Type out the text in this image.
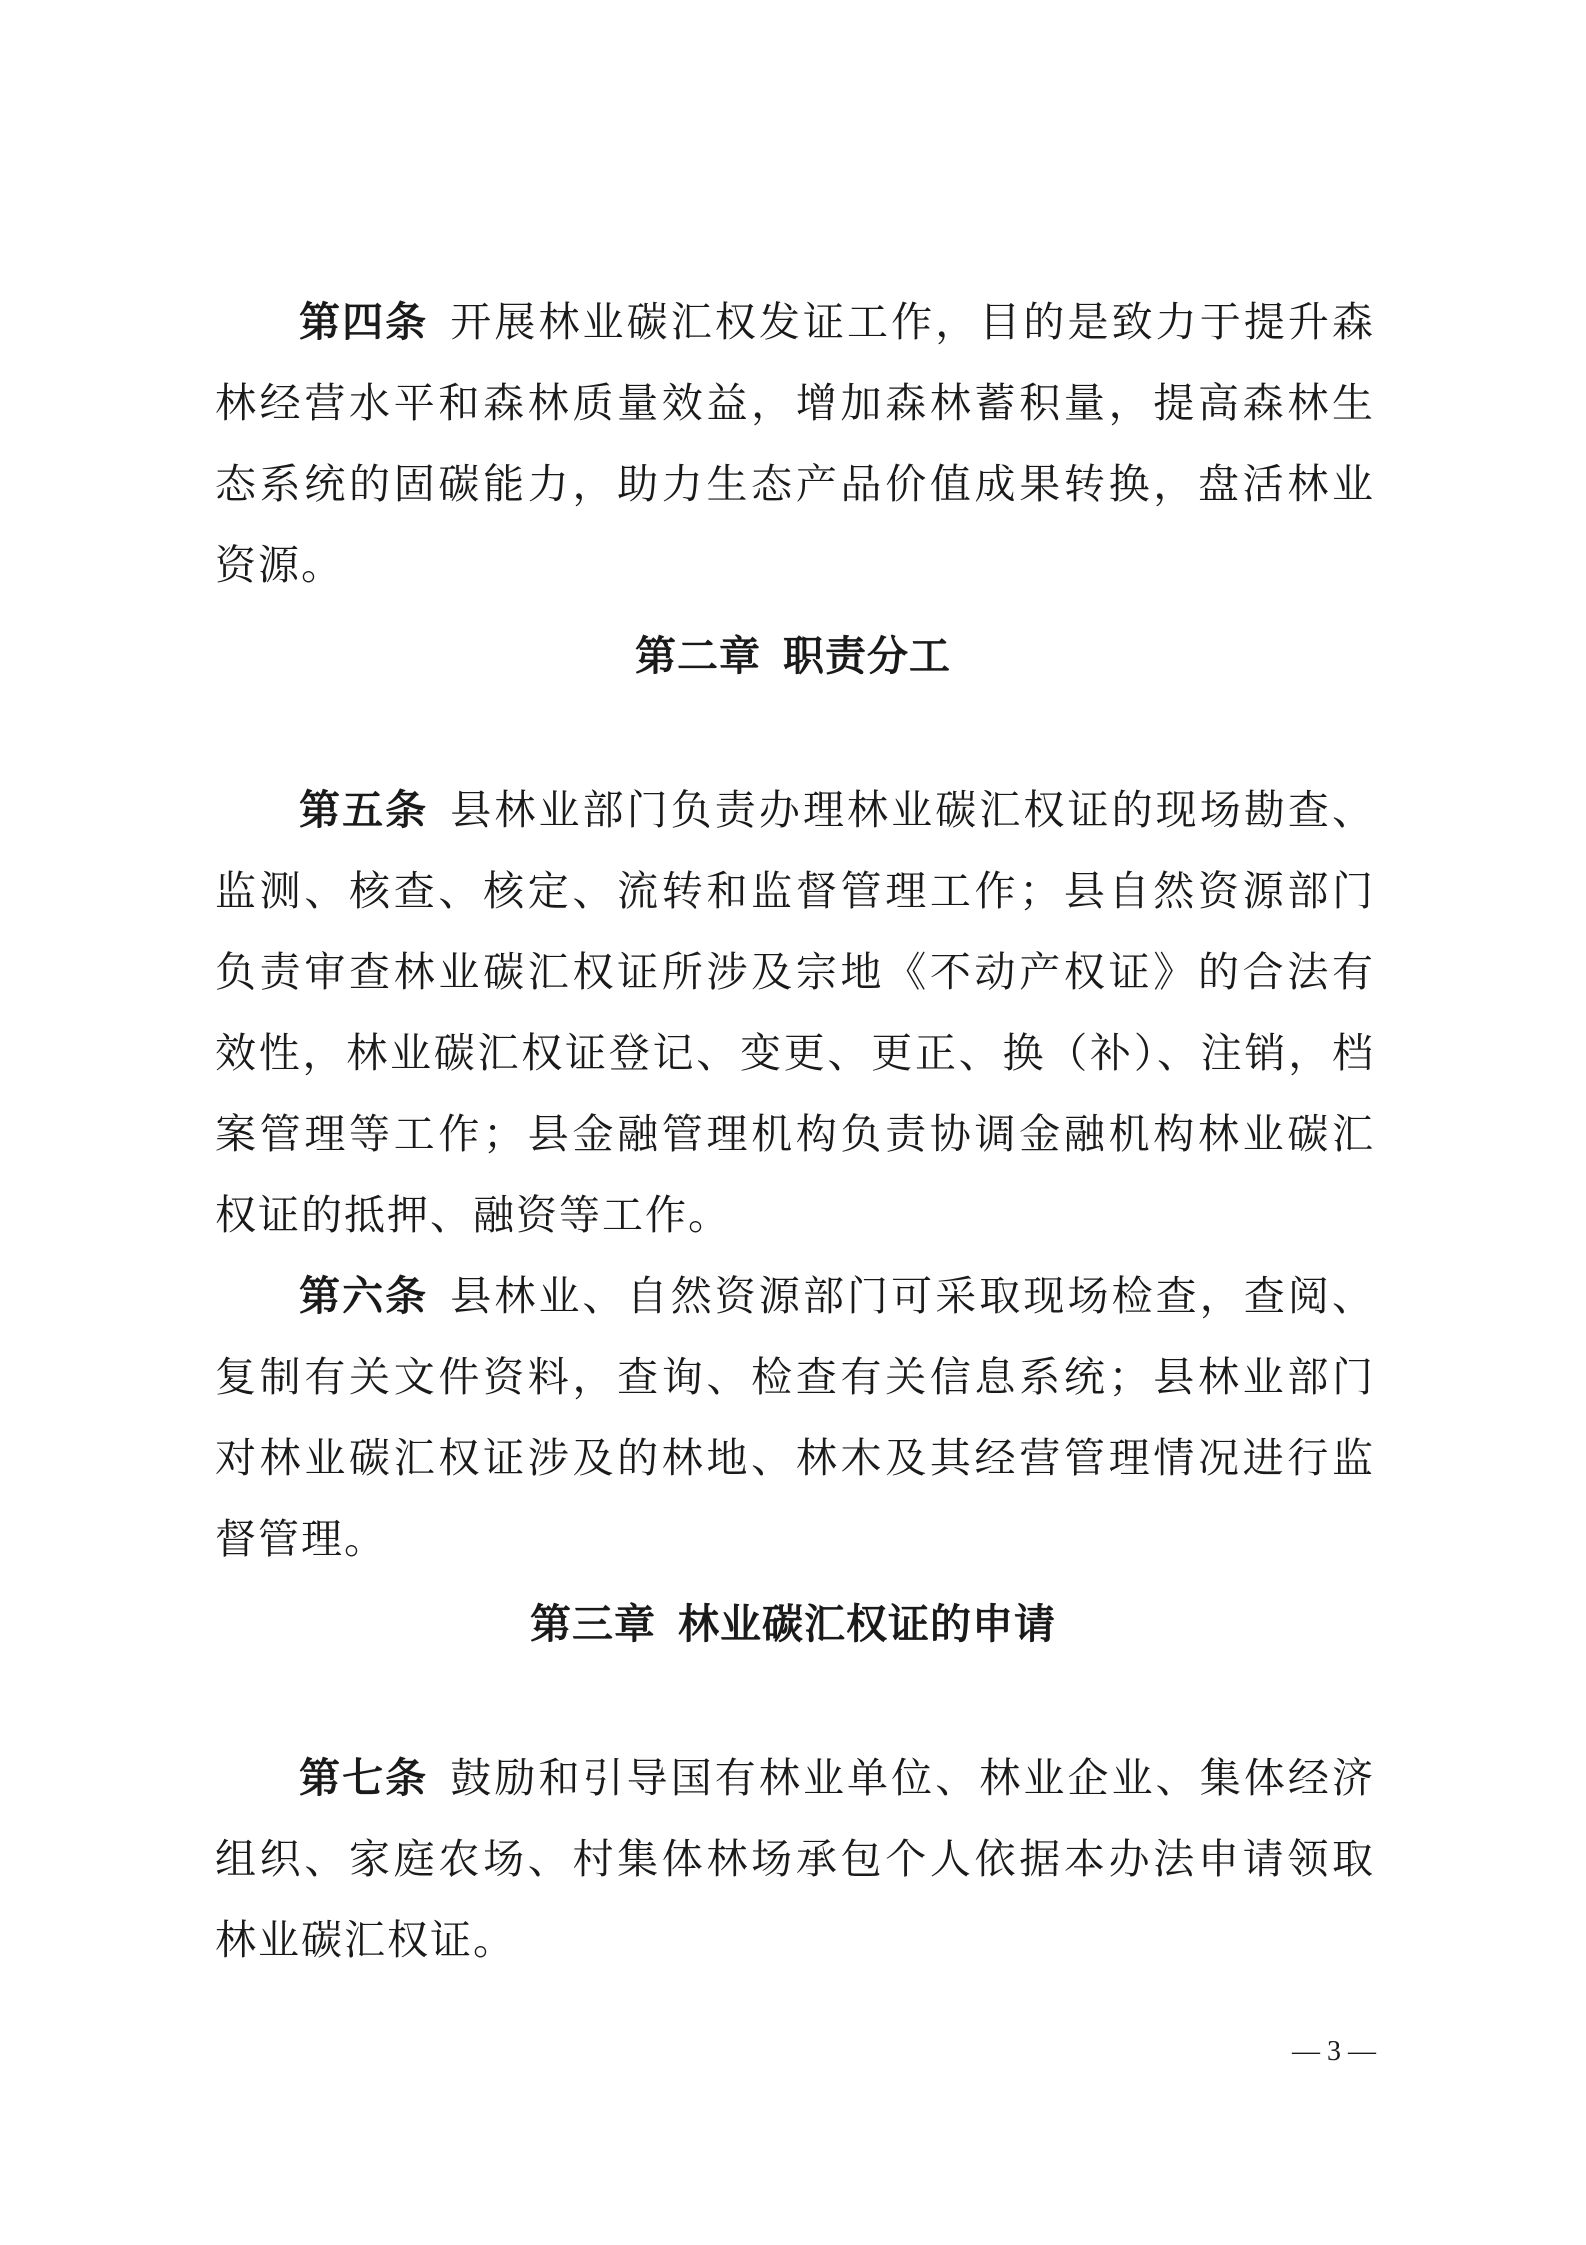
第四条 开展林业碳汇权发证工作，目的是致力于提升森林经营水平和森林质量效益，增加森林蓄积量，提高森林生态系统的固碳能力，助力生态产品价值成果转换，盘活林业资源。

第二章 职责分工

第五条 县林业部门负责办理林业碳汇权证的现场勘查、监测、核查、核定、流转和监督管理工作；县自然资源部门负责审查林业碳汇权证所涉及宗地《不动产权证》的合法有效性，林业碳汇权证登记、变更、更正、换（补）、注销，档案管理等工作；县金融管理机构负责协调金融机构林业碳汇权证的抵押、融资等工作。

第六条 县林业、自然资源部门可采取现场检查，查阅、复制有关文件资料，查询、检查有关信息系统；县林业部门对林业碳汇权证涉及的林地、林木及其经营管理情况进行监督管理。

第三章 林业碳汇权证的申请

第七条 鼓励和引导国有林业单位、林业企业、集体经济组织、家庭农场、村集体林场承包个人依据本办法申请领取林业碳汇权证。

— 3 —
